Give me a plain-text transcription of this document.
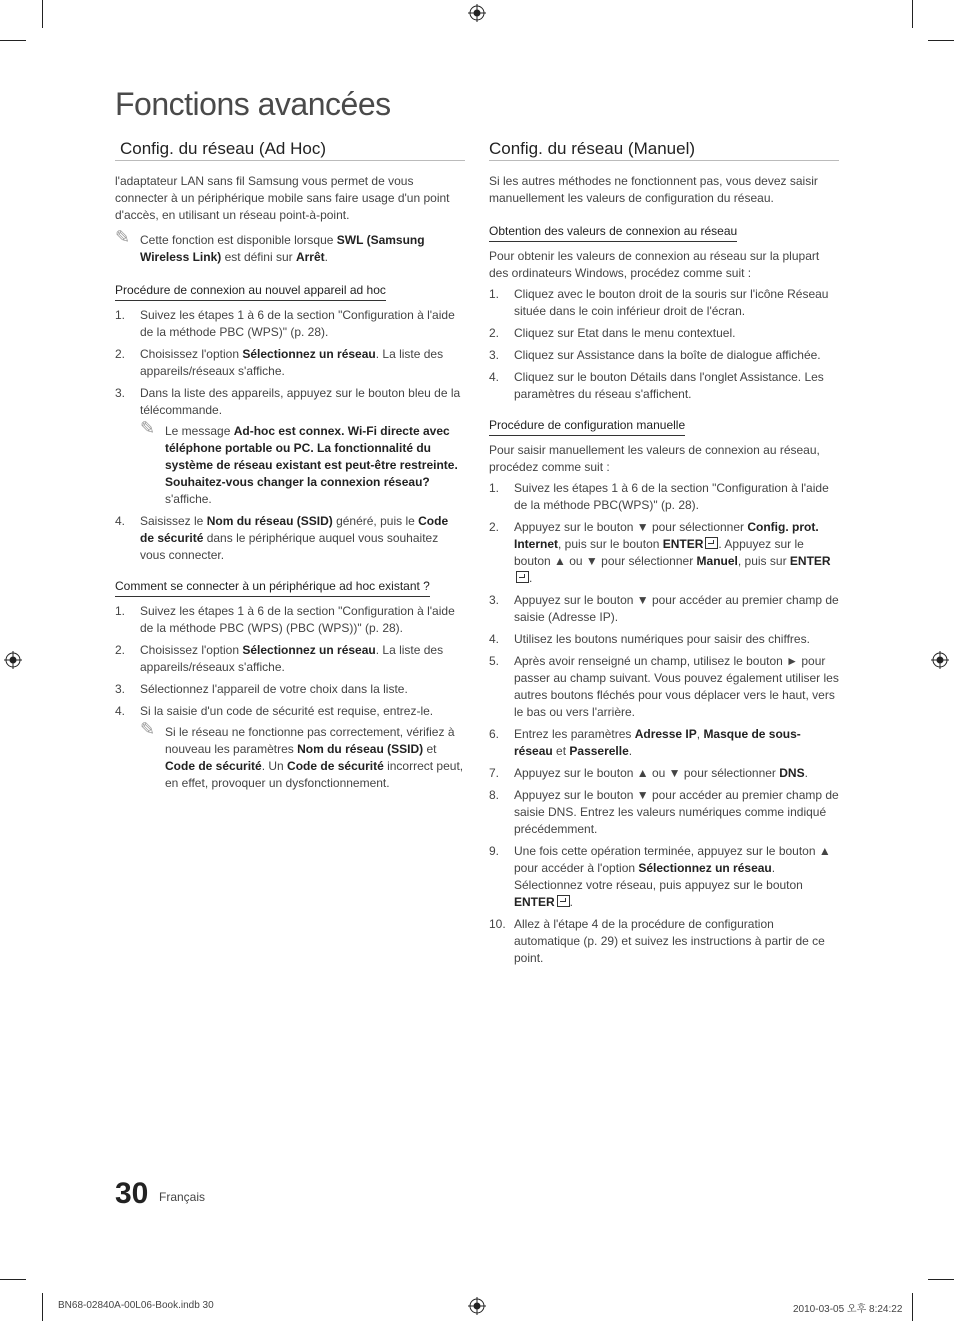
Fonctions avancées
Config. du réseau (Ad Hoc)

l'adaptateur LAN sans fil Samsung vous permet de vous connecter à un périphérique mobile sans faire usage d'un point d'accès, en utilisant un réseau point-à-point.

✎ Cette fonction est disponible lorsque SWL (Samsung Wireless Link) est défini sur Arrêt.
Procédure de connexion au nouvel appareil ad hoc
1. Suivez les étapes 1 à 6 de la section "Configuration à l'aide de la méthode PBC (WPS)" (p. 28).
2. Choisissez l'option Sélectionnez un réseau. La liste des appareils/réseaux s'affiche.
3. Dans la liste des appareils, appuyez sur le bouton bleu de la télécommande.
✎ Le message Ad-hoc est connex. Wi-Fi directe avec téléphone portable ou PC. La fonctionnalité du système de réseau existant est peut-être restreinte. Souhaitez-vous changer la connexion réseau? s'affiche.
4. Saisissez le Nom du réseau (SSID) généré, puis le Code de sécurité dans le périphérique auquel vous souhaitez vous connecter.
Comment se connecter à un périphérique ad hoc existant ?
1. Suivez les étapes 1 à 6 de la section "Configuration à l'aide de la méthode PBC (WPS) (PBC (WPS))" (p. 28).
2. Choisissez l'option Sélectionnez un réseau. La liste des appareils/réseaux s'affiche.
3. Sélectionnez l'appareil de votre choix dans la liste.
4. Si la saisie d'un code de sécurité est requise, entrez-le.
✎ Si le réseau ne fonctionne pas correctement, vérifiez à nouveau les paramètres Nom du réseau (SSID) et Code de sécurité. Un Code de sécurité incorrect peut, en effet, provoquer un dysfonctionnement.
Config. du réseau (Manuel)

Si les autres méthodes ne fonctionnent pas, vous devez saisir manuellement les valeurs de configuration du réseau.

Obtention des valeurs de connexion au réseau

Pour obtenir les valeurs de connexion au réseau sur la plupart des ordinateurs Windows, procédez comme suit :

1. Cliquez avec le bouton droit de la souris sur l'icône Réseau située dans le coin inférieur droit de l'écran.
2. Cliquez sur Etat dans le menu contextuel.
3. Cliquez sur Assistance dans la boîte de dialogue affichée.
4. Cliquez sur le bouton Détails dans l'onglet Assistance. Les paramètres du réseau s'affichent.
Procédure de configuration manuelle

Pour saisir manuellement les valeurs de connexion au réseau, procédez comme suit :

1. Suivez les étapes 1 à 6 de la section "Configuration à l'aide de la méthode PBC(WPS)" (p. 28).
2. Appuyez sur le bouton ▼ pour sélectionner Config. prot. Internet, puis sur le bouton ENTER . Appuyez sur le bouton ▲ ou ▼ pour sélectionner Manuel, puis sur ENTER.
3. Appuyez sur le bouton ▼ pour accéder au premier champ de saisie (Adresse IP).
4. Utilisez les boutons numériques pour saisir des chiffres.
5. Après avoir renseigné un champ, utilisez le bouton ► pour passer au champ suivant. Vous pouvez également utiliser les autres boutons fléchés pour vous déplacer vers le haut, vers le bas ou vers l'arrière.
6. Entrez les paramètres Adresse IP, Masque de sous-réseau et Passerelle.
7. Appuyez sur le bouton ▲ ou ▼ pour sélectionner DNS.
8. Appuyez sur le bouton ▼ pour accéder au premier champ de saisie DNS. Entrez les valeurs numériques comme indiqué précédemment.
9. Une fois cette opération terminée, appuyez sur le bouton ▲ pour accéder à l'option Sélectionnez un réseau. Sélectionnez votre réseau, puis appuyez sur le bouton ENTER .
10. Allez à l'étape 4 de la procédure de configuration automatique (p. 29) et suivez les instructions à partir de ce point.
30 Français
BN68-02840A-00L06-Book.indb 30	2010-03-05 오후 8:24:22
